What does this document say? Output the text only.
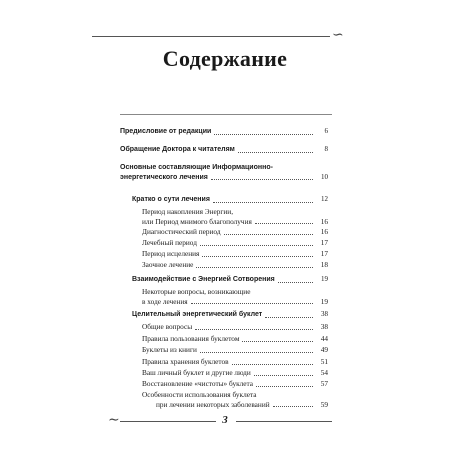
Содержание
∽
Предисловие от редакции	6
Обращение Доктора к читателям	8
Основные составляющие Информационно-
энергетического лечения	10
Кратко о сути лечения	12
Период накопления Энергии,
или Период мнимого благополучия	16
Диагностический период	16
Лечебный период	17
Период исцеления	17
Заочное лечение	18
Взаимодействие с Энергией Сотворения	19
Некоторые вопросы, возникающие
в ходе лечения	19
Целительный энергетический буклет	38
Общие вопросы	38
Правила пользования буклетом	44
Буклеты из книги	49
Правила хранения буклетов	51
Ваш личный буклет и другие люди	54
Восстановление «чистоты» буклета	57
Особенности использования буклета
при лечении некоторых заболеваний	59
∼	3
